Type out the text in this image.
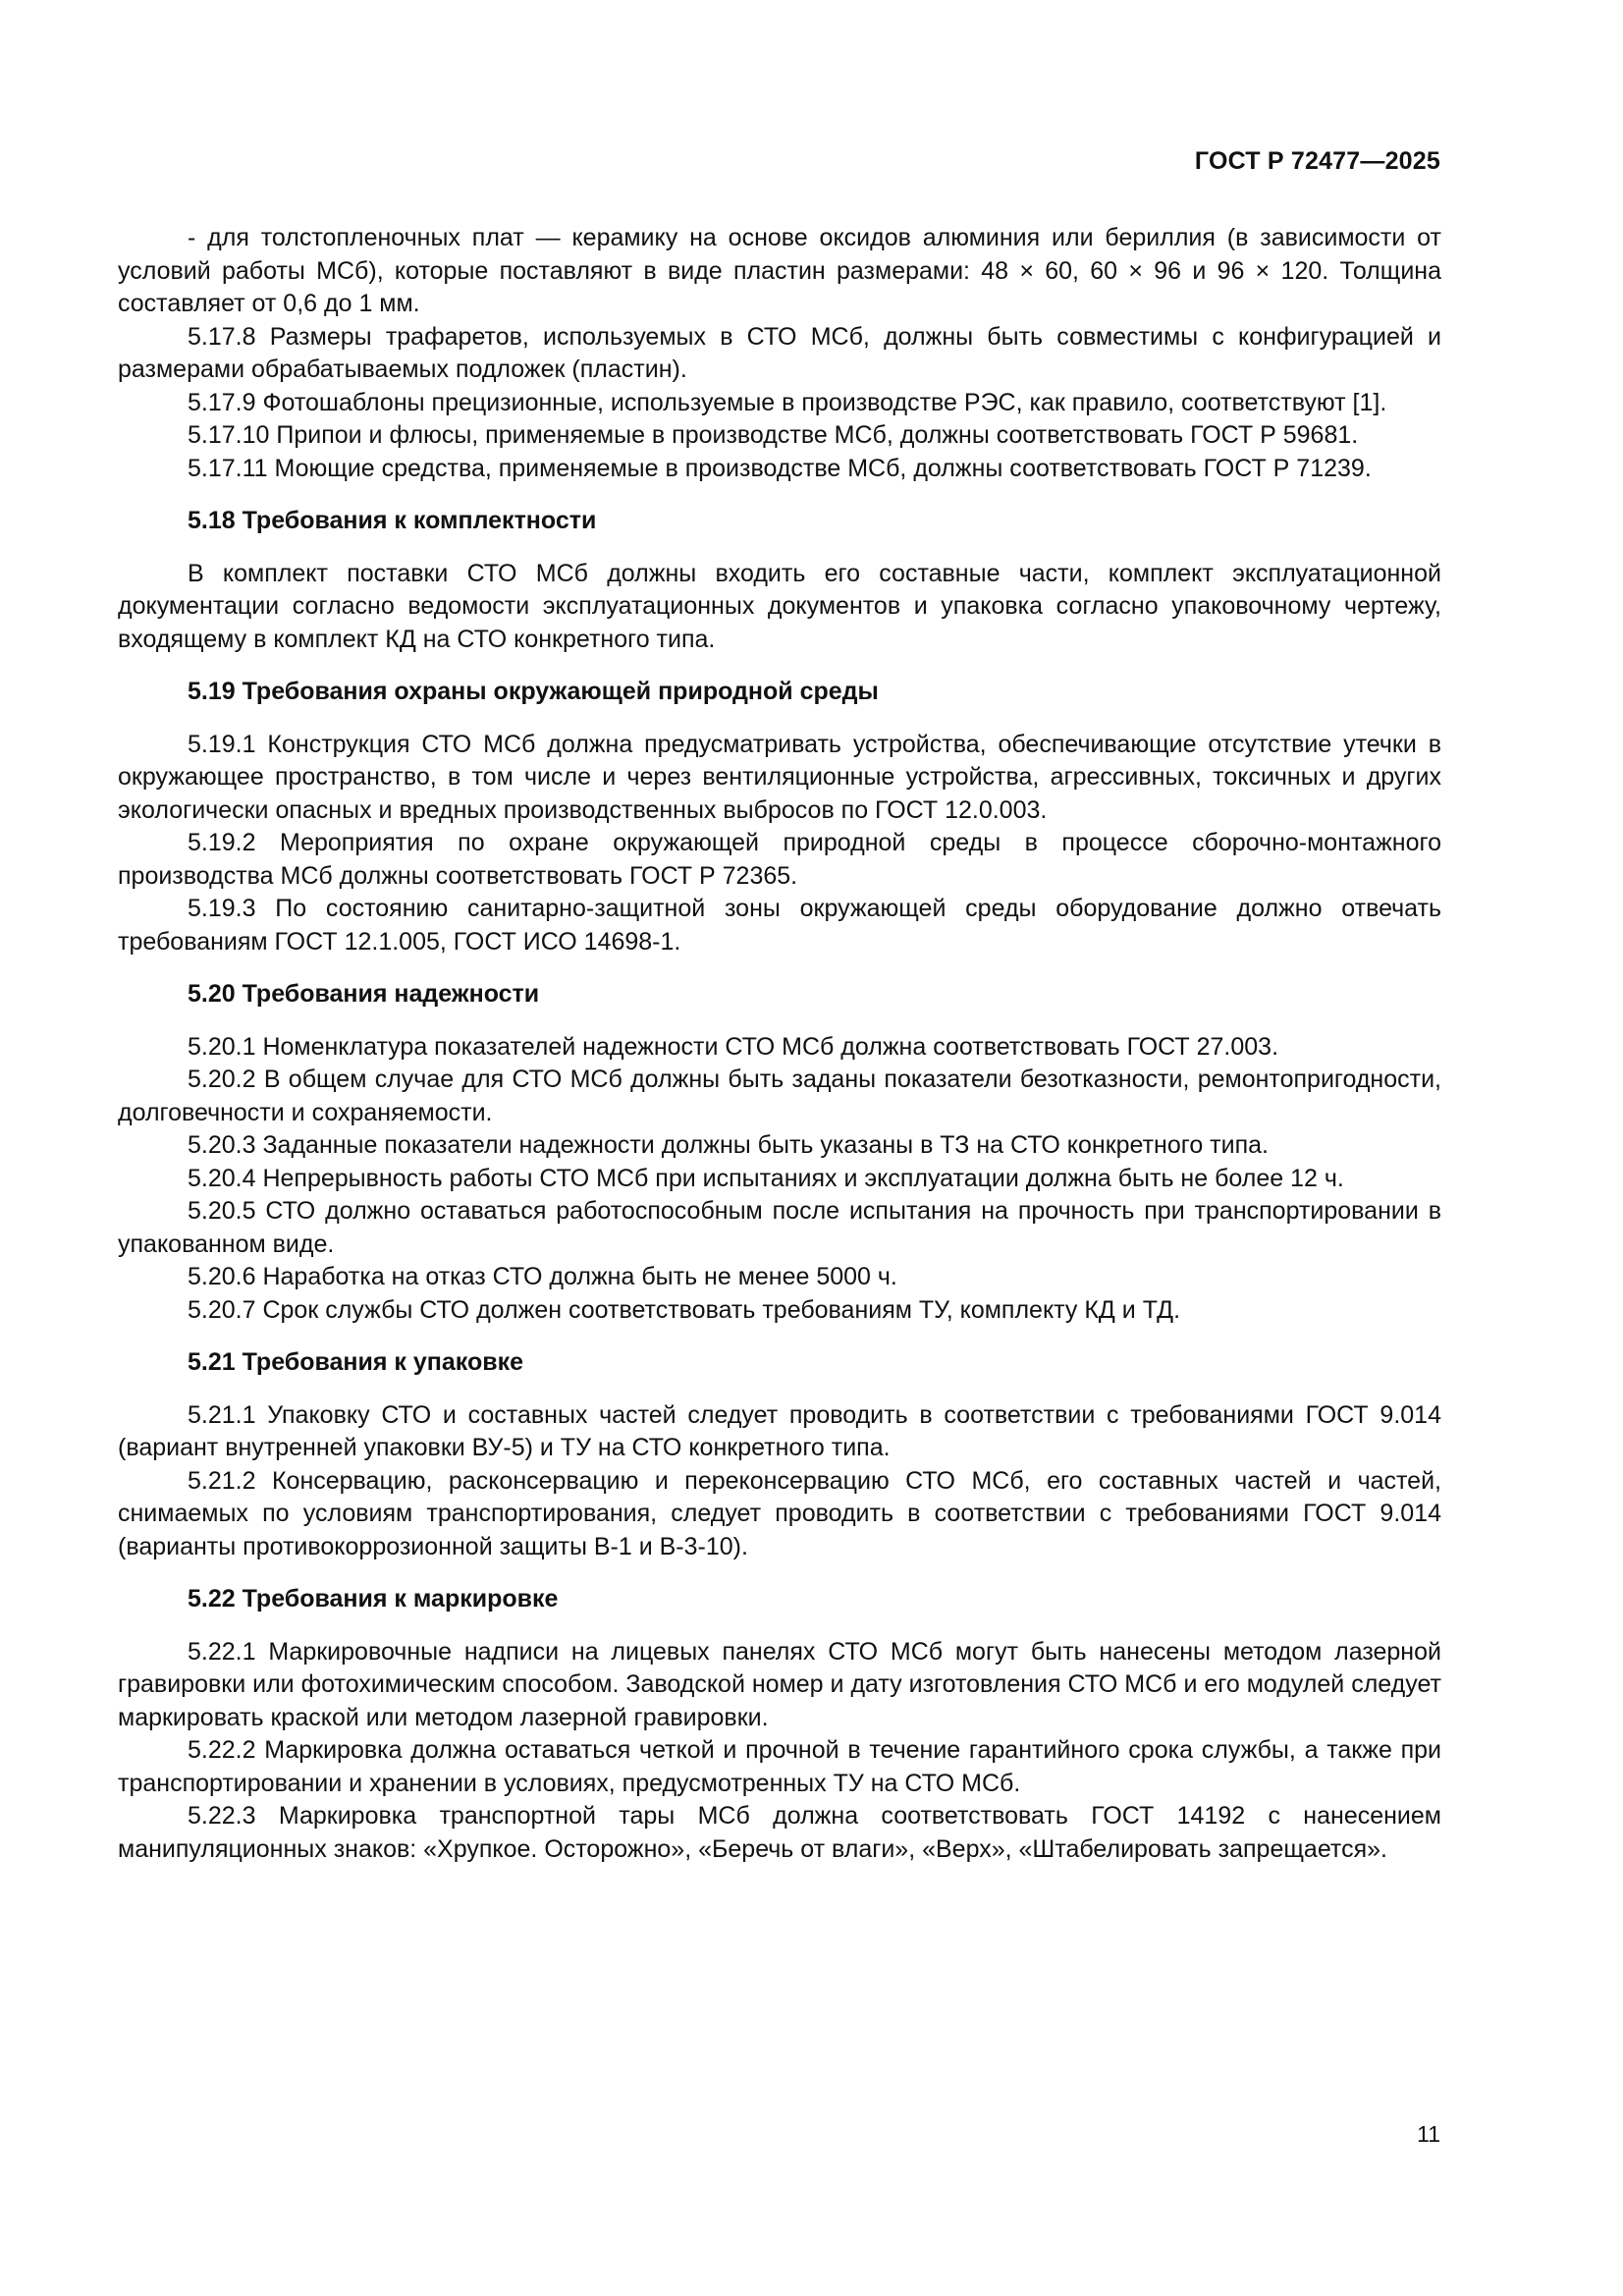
ГОСТ Р 72477—2025

- для толстопленочных плат — керамику на основе оксидов алюминия или бериллия (в зависимости от условий работы МСб), которые поставляют в виде пластин размерами: 48 × 60, 60 × 96 и 96 × 120. Толщина составляет от 0,6 до 1 мм.

5.17.8 Размеры трафаретов, используемых в СТО МСб, должны быть совместимы с конфигурацией и размерами обрабатываемых подложек (пластин).

5.17.9 Фотошаблоны прецизионные, используемые в производстве РЭС, как правило, соответствуют [1].

5.17.10 Припои и флюсы, применяемые в производстве МСб, должны соответствовать ГОСТ Р 59681.

5.17.11 Моющие средства, применяемые в производстве МСб, должны соответствовать ГОСТ Р 71239.

5.18 Требования к комплектности

В комплект поставки СТО МСб должны входить его составные части, комплект эксплуатационной документации согласно ведомости эксплуатационных документов и упаковка согласно упаковочному чертежу, входящему в комплект КД на СТО конкретного типа.

5.19 Требования охраны окружающей природной среды

5.19.1 Конструкция СТО МСб должна предусматривать устройства, обеспечивающие отсутствие утечки в окружающее пространство, в том числе и через вентиляционные устройства, агрессивных, токсичных и других экологически опасных и вредных производственных выбросов по ГОСТ 12.0.003.

5.19.2 Мероприятия по охране окружающей природной среды в процессе сборочно-монтажного производства МСб должны соответствовать ГОСТ Р 72365.

5.19.3 По состоянию санитарно-защитной зоны окружающей среды оборудование должно отвечать требованиям ГОСТ 12.1.005, ГОСТ ИСО 14698-1.

5.20 Требования надежности

5.20.1 Номенклатура показателей надежности СТО МСб должна соответствовать ГОСТ 27.003.

5.20.2 В общем случае для СТО МСб должны быть заданы показатели безотказности, ремонтопригодности, долговечности и сохраняемости.

5.20.3 Заданные показатели надежности должны быть указаны в ТЗ на СТО конкретного типа.

5.20.4 Непрерывность работы СТО МСб при испытаниях и эксплуатации должна быть не более 12 ч.

5.20.5 СТО должно оставаться работоспособным после испытания на прочность при транспортировании в упакованном виде.

5.20.6 Наработка на отказ СТО должна быть не менее 5000 ч.

5.20.7 Срок службы СТО должен соответствовать требованиям ТУ, комплекту КД и ТД.

5.21 Требования к упаковке

5.21.1 Упаковку СТО и составных частей следует проводить в соответствии с требованиями ГОСТ 9.014 (вариант внутренней упаковки ВУ-5) и ТУ на СТО конкретного типа.

5.21.2 Консервацию, расконсервацию и переконсервацию СТО МСб, его составных частей и частей, снимаемых по условиям транспортирования, следует проводить в соответствии с требованиями ГОСТ 9.014 (варианты противокоррозионной защиты В-1 и В-3-10).

5.22 Требования к маркировке

5.22.1 Маркировочные надписи на лицевых панелях СТО МСб могут быть нанесены методом лазерной гравировки или фотохимическим способом. Заводской номер и дату изготовления СТО МСб и его модулей следует маркировать краской или методом лазерной гравировки.

5.22.2 Маркировка должна оставаться четкой и прочной в течение гарантийного срока службы, а также при транспортировании и хранении в условиях, предусмотренных ТУ на СТО МСб.

5.22.3 Маркировка транспортной тары МСб должна соответствовать ГОСТ 14192 с нанесением манипуляционных знаков: «Хрупкое. Осторожно», «Беречь от влаги», «Верх», «Штабелировать запрещается».

11
